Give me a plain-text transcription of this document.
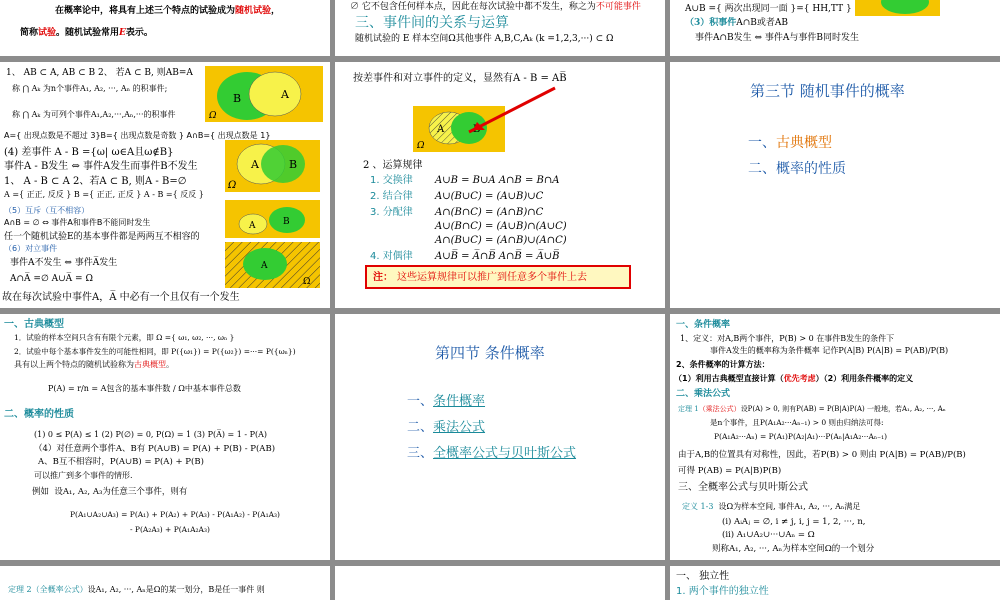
在概率论中，将具有上述三个特点的试验成为随机试验，
简称试验。随机试验常用E表示。
∅ 它不包含任何样本点，因此在每次试验中都不发生，称之为不可能事件
三、事件间的关系与运算
随机试验的 E 样本空间Ω其他事件 A,B,C,Aₖ (k =1,2,3,···) ⊂ Ω
A∪B ={ 两次出现同一面 }={ HH,TT }
（3）积事件A∩B或者AB
事件A∩B发生 ⇔ 事件A与事件B同时发生
1、 AB ⊂ A, AB ⊂ B 2、 若A ⊂ B, 则AB=A
称 ⋂ Aₖ 为n个事件A₁, A₂, ···, Aₙ 的积事件;
称 ⋂ Aₖ 为可列个事件A₁,A₂,···,Aₙ,···的积事件
B	A
Ω
A={ 出现点数是不超过 3}B={ 出现点数是奇数 } A∩B={ 出现点数是 1}
(4) 差事件 A - B ={ω| ω∈A且ω∉B}
事件A - B发生 ⇔ 事件A发生而事件B不发生	A	B
Ω
1、 A - B ⊂ A 2、若A ⊂ B, 则A - B=∅
A ={ 正正, 反反 } B ={ 正正, 正反 } A - B ={ 反反 }
（5）互斥（互不相容）
A∩B = ∅ ⇔ 事件A和事件B不能同时发生
任一个随机试验E的基本事件都是两两互不相容的
（6）对立事件
A	B
A
Ω
事件A不发生 ⇔ 事件A̅发生
A∩A̅ =∅ A∪A̅ = Ω
故在每次试验中事件A，A̅ 中必有一个且仅有一个发生
按差事件和对立事件的定义，显然有A - B = AB̅
A
Ω
2 、运算规律
1. 交换律 A∪B = B∪A A∩B = B∩A
2. 结合律 A∪(B∪C) = (A∪B)∪C
3. 分配律 A∩(B∩C) = (A∩B)∩C
A∪(B∩C) = (A∪B)∩(A∪C)
A∩(B∪C) = (A∩B)∪(A∩C)
4. 对偶律 A∪B̅ = A̅∩B̅ A∩B̅ = A̅∪B̅
注： 这些运算规律可以推广到任意多个事件上去
第三节 随机事件的概率
一、古典概型
二、概率的性质
一、古典概型
1．试验的样本空间只含有有限个元素，即 Ω ={ ω₁, ω₂, ···, ωₙ }
2．试验中每个基本事件发生的可能性相同，即 P({ω₁}) = P({ω₂}) =···= P({ωₙ})
具有以上两个特点的随机试验称为古典概型。
P(A) = r/n = A包含的基本事件数 / Ω中基本事件总数
二、概率的性质
(1) 0 ≤ P(A) ≤ 1 (2) P(∅) = 0, P(Ω) = 1 (3) P(A̅) = 1 - P(A)
（4）对任意两个事件A、B有 P(A∪B) = P(A) + P(B) - P(AB)
A、B互不相容时，P(A∪B) = P(A) + P(B)
可以推广到多个事件的情形.
例如 设A₁, A₂, A₃为任意三个事件，则有
P(A₁∪A₂∪A₃) = P(A₁) + P(A₂) + P(A₃) - P(A₁A₂) - P(A₁A₃)
- P(A₂A₃) + P(A₁A₂A₃)
第四节 条件概率
一、条件概率
二、乘法公式
三、全概率公式与贝叶斯公式
一、条件概率
1、定义：对A,B两个事件，P(B) > 0 在事件B发生的条件下
事件A发生的概率称为条件概率 记作P(A|B) P(A|B) = P(AB)/P(B)
2、条件概率的计算方法：
（1）利用古典概型直接计算（优先考虑）（2）利用条件概率的定义
二、乘法公式
定理 1（乘法公式）设P(A) > 0, 则有P(AB) = P(B|A)P(A) 一般地，若A₁, A₂, ···, Aₙ
是n个事件，且P(A₁A₂···Aₙ₋₁) > 0 则由归纳法可得:
P(A₁A₂···Aₙ) = P(A₁)P(A₂|A₁)···P(Aₙ|A₁A₂···Aₙ₋₁)
由于A,B的位置具有对称性，因此，若P(B) > 0 则由 P(A|B) = P(AB)/P(B)
可得 P(AB) = P(A|B)P(B)
三、全概率公式与贝叶斯公式
定义 1-3 设Ω为样本空间, 事件A₁, A₂, ···, Aₙ满足
(i) AᵢAⱼ = ∅, i ≠ j, i, j = 1, 2, ···, n,
(ii) A₁∪A₂∪···∪Aₙ = Ω
则称A₁, A₂, ···, Aₙ为样本空间Ω的一个划分
定理 2（全概率公式）设A₁, A₂, ···, Aₙ是Ω的某一划分，B是任一事件 则
一、 独立性
1. 两个事件的独立性
